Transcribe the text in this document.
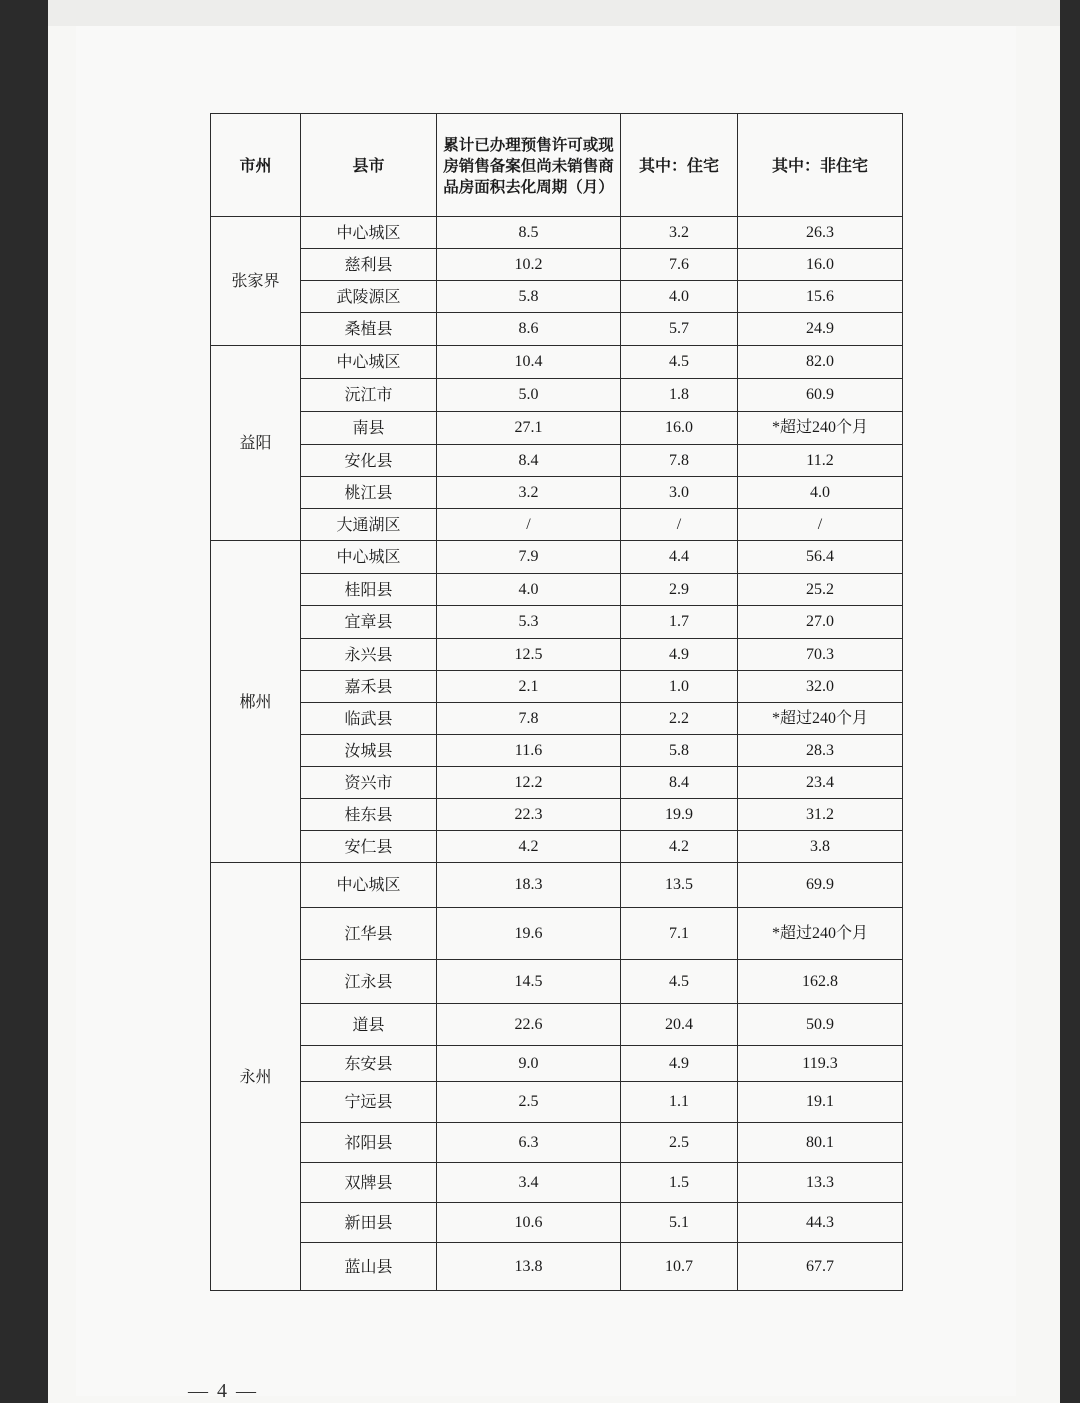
市州	县市	累计已办理预售许可或现房销售备案但尚未销售商品房面积去化周期（月）	其中：住宅	其中：非住宅
张家界	中心城区	8.5	3.2	26.3
	慈利县	10.2	7.6	16.0
	武陵源区	5.8	4.0	15.6
	桑植县	8.6	5.7	24.9
益阳	中心城区	10.4	4.5	82.0
	沅江市	5.0	1.8	60.9
	南县	27.1	16.0	*超过240个月
	安化县	8.4	7.8	11.2
	桃江县	3.2	3.0	4.0
	大通湖区	/	/	/
郴州	中心城区	7.9	4.4	56.4
	桂阳县	4.0	2.9	25.2
	宜章县	5.3	1.7	27.0
	永兴县	12.5	4.9	70.3
	嘉禾县	2.1	1.0	32.0
	临武县	7.8	2.2	*超过240个月
	汝城县	11.6	5.8	28.3
	资兴市	12.2	8.4	23.4
	桂东县	22.3	19.9	31.2
	安仁县	4.2	4.2	3.8
永州	中心城区	18.3	13.5	69.9
	江华县	19.6	7.1	*超过240个月
	江永县	14.5	4.5	162.8
	道县	22.6	20.4	50.9
	东安县	9.0	4.9	119.3
	宁远县	2.5	1.1	19.1
	祁阳县	6.3	2.5	80.1
	双牌县	3.4	1.5	13.3
	新田县	10.6	5.1	44.3
	蓝山县	13.8	10.7	67.7
— 4 —
